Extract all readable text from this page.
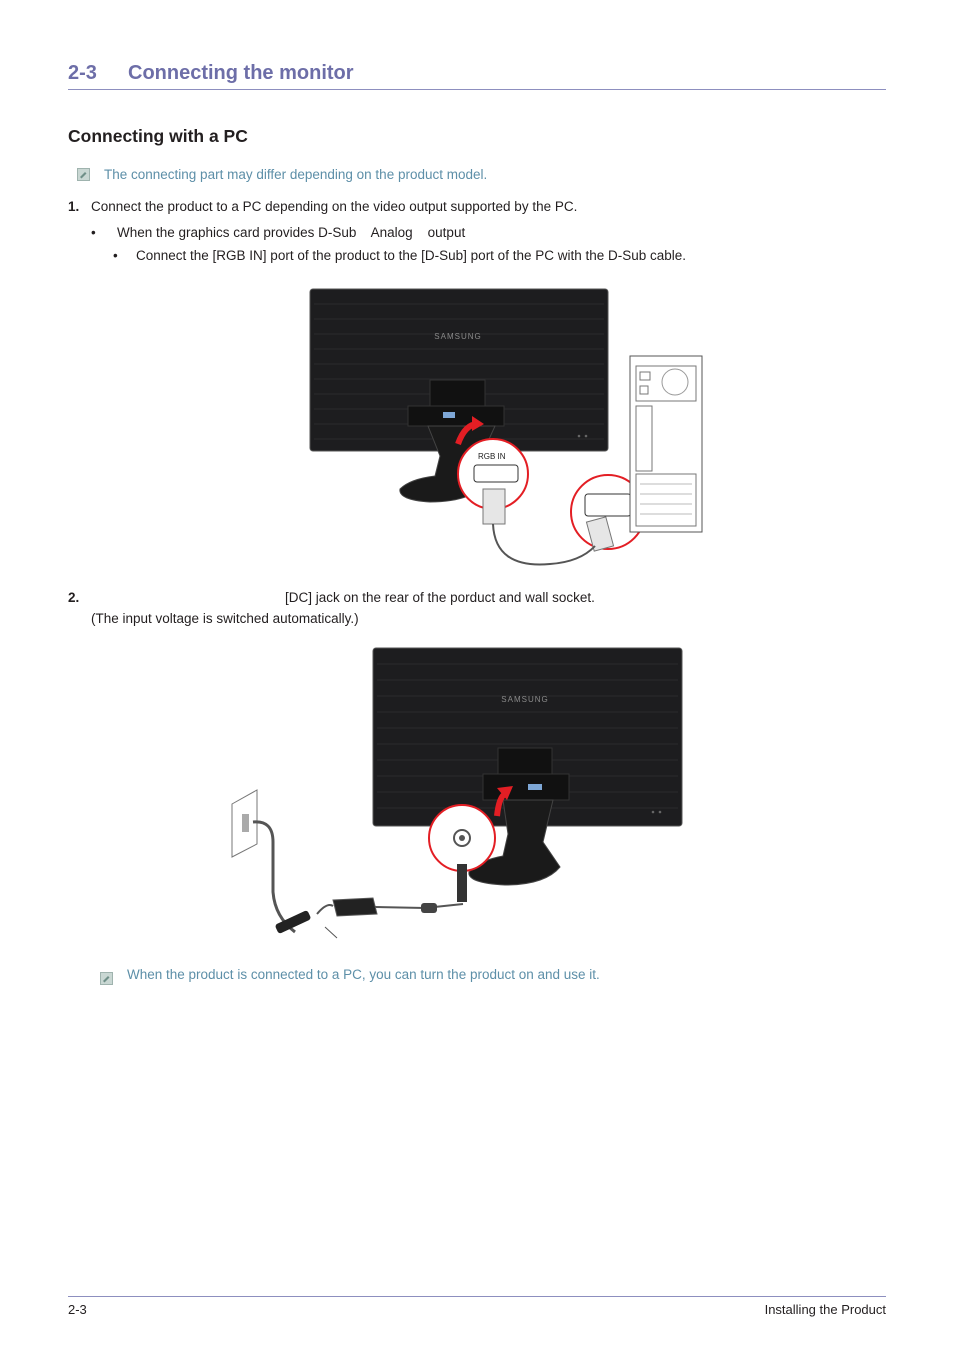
2-3 Connecting the monitor
Connecting with a PC
The connecting part may differ depending on the product model.
1. Connect the product to a PC depending on the video output supported by the PC.
• When the graphics card provides D-Sub    Analog    output
• Connect the [RGB IN] port of the product to the [D-Sub] port of the PC with the D-Sub cable.
SAMSUNG
RGB IN
2.	[DC] jack on the rear of the porduct and wall socket.
(The input voltage is switched automatically.)
SAMSUNG
When the product is connected to a PC, you can turn the product on and use it.
2-3	Installing the Product
